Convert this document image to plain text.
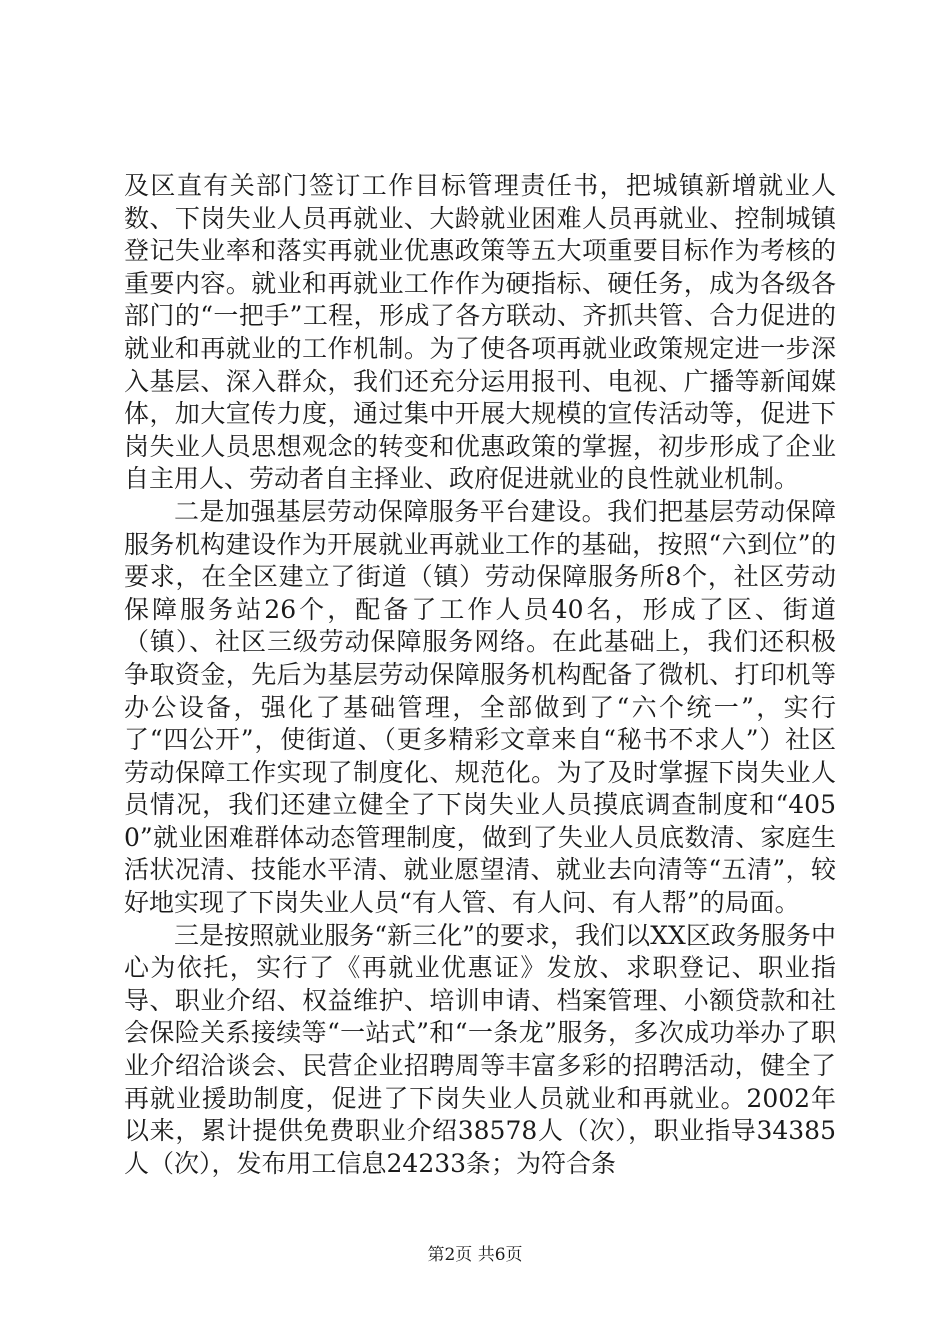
及区直有关部门签订工作目标管理责任书，把城镇新增就业人数、下岗失业人员再就业、大龄就业困难人员再就业、控制城镇登记失业率和落实再就业优惠政策等五大项重要目标作为考核的重要内容。就业和再就业工作作为硬指标、硬任务，成为各级各部门的“一把手”工程，形成了各方联动、齐抓共管、合力促进的就业和再就业的工作机制。为了使各项再就业政策规定进一步深入基层、深入群众，我们还充分运用报刊、电视、广播等新闻媒体，加大宣传力度，通过集中开展大规模的宣传活动等，促进下岗失业人员思想观念的转变和优惠政策的掌握，初步形成了企业自主用人、劳动者自主择业、政府促进就业的良性就业机制。

二是加强基层劳动保障服务平台建设。我们把基层劳动保障服务机构建设作为开展就业再就业工作的基础，按照“六到位”的要求，在全区建立了街道（镇）劳动保障服务所8个，社区劳动保障服务站26个，配备了工作人员40名，形成了区、街道（镇）、社区三级劳动保障服务网络。在此基础上，我们还积极争取资金，先后为基层劳动保障服务机构配备了微机、打印机等办公设备，强化了基础管理，全部做到了“六个统一”，实行了“四公开”，使街道、（更多精彩文章来自“秘书不求人”）社区劳动保障工作实现了制度化、规范化。为了及时掌握下岗失业人员情况，我们还建立健全了下岗失业人员摸底调查制度和“4050”就业困难群体动态管理制度，做到了失业人员底数清、家庭生活状况清、技能水平清、就业愿望清、就业去向清等“五清”，较好地实现了下岗失业人员“有人管、有人问、有人帮”的局面。

三是按照就业服务“新三化”的要求，我们以XX区政务服务中心为依托，实行了《再就业优惠证》发放、求职登记、职业指导、职业介绍、权益维护、培训申请、档案管理、小额贷款和社会保险关系接续等“一站式”和“一条龙”服务，多次成功举办了职业介绍洽谈会、民营企业招聘周等丰富多彩的招聘活动，健全了再就业援助制度，促进了下岗失业人员就业和再就业。2002年以来，累计提供免费职业介绍38578人（次），职业指导34385人（次），发布用工信息24233条；为符合条

第2页 共6页
